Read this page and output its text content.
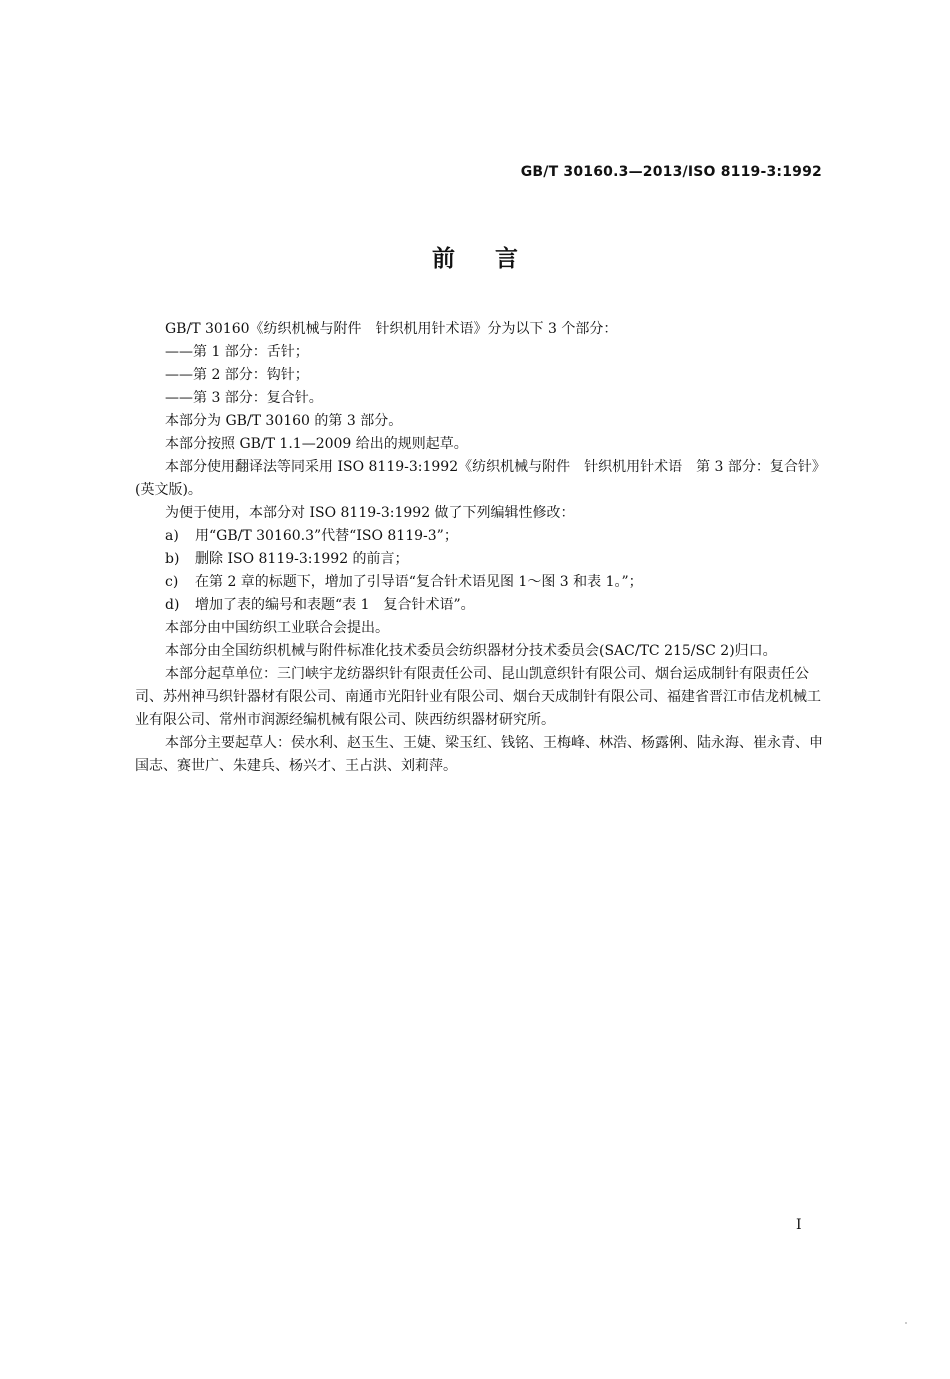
GB/T 30160.3—2013/ISO 8119-3:1992
前言

GB/T 30160《纺织机械与附件　针织机用针术语》分为以下 3 个部分：

——第 1 部分：舌针；

——第 2 部分：钩针；

——第 3 部分：复合针。

本部分为 GB/T 30160 的第 3 部分。

本部分按照 GB/T 1.1—2009 给出的规则起草。

本部分使用翻译法等同采用 ISO 8119-3:1992《纺织机械与附件　针织机用针术语　第 3 部分：复合针》(英文版)。

为便于使用，本部分对 ISO 8119-3:1992 做了下列编辑性修改：

a)	用“GB/T 30160.3”代替“ISO 8119-3”；
b)	删除 ISO 8119-3:1992 的前言；
c)	在第 2 章的标题下，增加了引导语“复合针术语见图 1～图 3 和表 1。”；
d)	增加了表的编号和表题“表 1　复合针术语”。

本部分由中国纺织工业联合会提出。

本部分由全国纺织机械与附件标准化技术委员会纺织器材分技术委员会(SAC/TC 215/SC 2)归口。

本部分起草单位：三门峡宇龙纺器织针有限责任公司、昆山凯意织针有限公司、烟台运成制针有限责任公司、苏州神马织针器材有限公司、南通市光阳针业有限公司、烟台天成制针有限公司、福建省晋江市佶龙机械工业有限公司、常州市润源经编机械有限公司、陕西纺织器材研究所。

本部分主要起草人：侯水利、赵玉生、王婕、梁玉红、钱铭、王梅峰、林浩、杨露俐、陆永海、崔永青、申国志、赛世广、朱建兵、杨兴才、王占洪、刘莉萍。

I
